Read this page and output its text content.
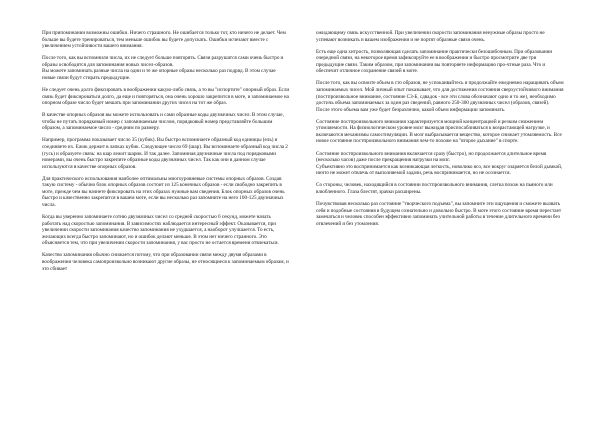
При припоминании возможны ошибки. Ничего страшного. Не ошибается только тот, кто ничего не делает. Чем больше вы будете тренироваться, тем меньше ошибок вы будете допускать. Ошибки исчезают вместе с увеличением устойчивости вашего внимания.

После того, как вы вспомнили числа, их не следует больше повторять. Связи разрушатся сами очень быстро и образы освободятся для запоминания новых чисел-образов.
Вы можете запоминать разные числа на одни и те же опорные образы несколько раз подряд. В этом случае новые связи будут стирать предыдущие.

Не следует очень долго фиксировать в воображении какую-либо связь, а то вы "испортите" опорный образ. Если связь будет фиксироваться долго, да еще и повторяться, она очень хорошо закрепится в моте, и запоминаемое на опорном образе число будет мешать при запоминании других чисел на тот же образ.

В качестве опорных образов вы можете использовать и сами образные коды двузначных чисел. В этом случае, чтобы не путать порядковый номер с запоминаемым числом, порядковый номер представляйте большим образом, а запоминаемое число - средним по размеру.

Например, программа показывает число 35 (кубик). Вы быстро вспоминаете образный код единицы (ель) и соединяете их. Ежик держит в лапках кубик. Следующее число 69 (шар). Вы вспоминаете образный код числа 2 (гусь) и образуете связь: на шар лежит шарик. И так далее. Запоминая двузначные числа под порядковыми номерами, вы очень быстро закрепите образные коды двузначных чисел. Так как они в данном случае используются в качестве опорных образов.

Для практического использования наиболее оптимальны многоуровневые системы опорных образов. Создав такую систему - обычно блок опорных образов состоит из 125 конечных образов - если свободно закрепить в моте, прежде чем вы начнете фиксировать на этих образах нужные вам сведения. Блок опорных образов очень быстро и качественно закрепится в вашем моте, если вы несколько раз запомните на него 100-125 двузначных числа.

Когда вы уверенно запоминаете сотню двузначных чисел со средней скоростью 6 секунд, можете начать работать над скоростью запоминания. В зависимостях наблюдается интересный эффект. Оказывается, при увеличении скорости запоминания качество запоминания не ухудшается, а наоборот улучшается. То есть, желающих всегда быстро запоминают, но и ошибок делают меньше. В этом нет ничего странного. Это объясняется тем, что при увеличении скорости запоминания, у вас просто не остается времени отвлекаться.

Качество запоминания обычно снижается потому, что при образовании связи между двумя образами в воображении человека самопроизвольно возникают другие образы, не относящиеся к запоминаемым образам, и это сбивает

ожидающему связь искусственной. При увеличении скорости запоминания ненужные образы просто не успевают возникать и вашем изображении и не портят образные связи очень.

Есть еще одна хитрость, позволяющая сделать запоминание практически безошибочным. При образовании очередной связи, на некоторое время зафиксируйте ее в воображении и быстро просмотрите две три предыдущие связи. Таким образом, при запоминании вы повторяете информацию про-чтные раза. Что и обеспечит отличное сохранение связей в моте.

После того, как вы освоите объем в сто образов, не успокаивайтесь и продолжайте ежедневно наращивать объем запоминаемых чисел. Мой личный опыт показывает, что для достижения состояния сверхустойчивого внимания (постпроизвольное внимание, состояние СЗ-Б, сдвадок - все эти слова обозначают одно и то же), необходимо достичь объема запоминаемых за один раз сведений, равного 250-300 двузначных чисел (образов, связей). После этого объема вам уже будет безразлично, какой объем информации запоминать.

Состояние постпроизвольного внимания характеризуется мощной концентрацией и резким снижением утомляемости. На физиологическом уровне мозг выжидая приспосабливаться к возрастающей нагрузке, и включаются механизмы самостимуляции. В мозг выбрасывается вещество, которое снижает утомляемость. Все новое состояние постпроизвольного внимания чем-то похоже на "второе дыхание" в спорте.

Состояние постпроизвольного внимания включается сразу (быстро), но продолжается длительное время (несколько часов) даже после прекращения нагрузки на мозг.
Субъективно это воспринимается как возникающая легкость, новолико ясо, все вокруг озаряется белой дымкой, ничто не может отвлечь от выполняемой задачи, речь воспринимается, но не осознается.

Со стороны, человек, находящийся в состоянии постпроизвольного внимания, слегка похож на пьяного или влюбленного. Глаза блестят, зрачки расширены.

Почувствовав несколько раз состояние "творческого подъема", вы запомните эти ощущения и сможете вызвать себя и подобные состояния в будущем сознательно и довольно быстро. В моте этого состояние время перестает замечаться и человек способен эффективно запоминать учительной работы в течение длительного времени без отвлечений и без утомления.
